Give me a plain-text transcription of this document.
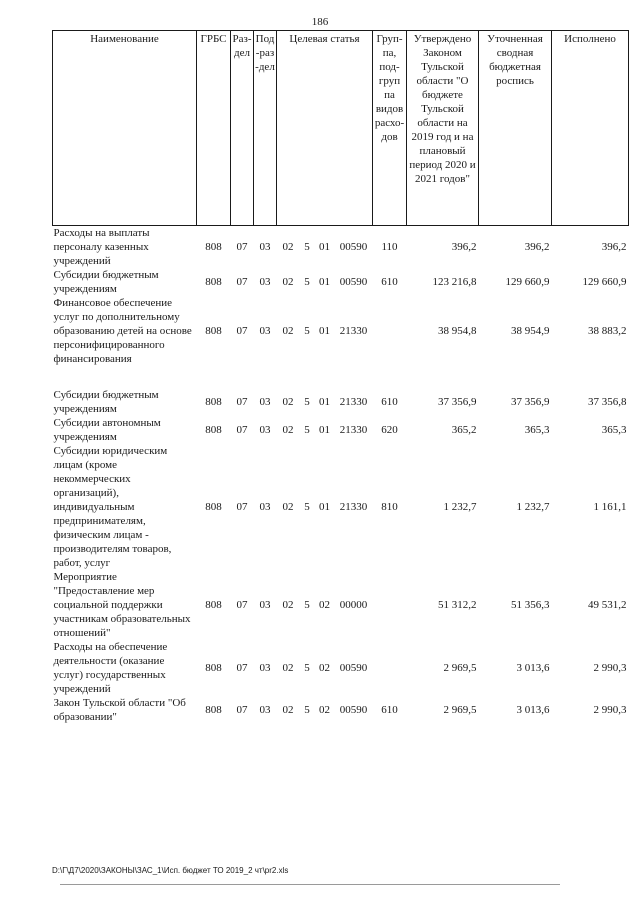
186
Наименование	ГРБС	Раз-дел	Под-раз-дел	Целевая статья				Груп-па, под-груп па видов расхо-дов	Утверждено Законом Тульской области "О бюджете Тульской области на 2019 год и на плановый период 2020 и 2021 годов"	Уточненная сводная бюджетная роспись	Исполнено
Расходы на выплаты персоналу казенных учреждений	808	07	03	02	5	01	00590	110	396,2	396,2	396,2
Субсидии бюджетным учреждениям	808	07	03	02	5	01	00590	610	123 216,8	129 660,9	129 660,9
Финансовое обеспечение услуг по дополнительному образованию детей на основе персонифицированного финансирования	808	07	03	02	5	01	21330		38 954,8	38 954,9	38 883,2
Субсидии бюджетным учреждениям	808	07	03	02	5	01	21330	610	37 356,9	37 356,9	37 356,8
Субсидии автономным учреждениям	808	07	03	02	5	01	21330	620	365,2	365,3	365,3
Субсидии юридическим лицам (кроме некоммерческих организаций), индивидуальным предпринимателям, физическим лицам - производителям товаров, работ, услуг	808	07	03	02	5	01	21330	810	1 232,7	1 232,7	1 161,1
Мероприятие "Предоставление мер социальной поддержки участникам образовательных отношений"	808	07	03	02	5	02	00000		51 312,2	51 356,3	49 531,2
Расходы на обеспечение деятельности (оказание услуг) государственных учреждений	808	07	03	02	5	02	00590		2 969,5	3 013,6	2 990,3
Закон Тульской области "Об образовании"	808	07	03	02	5	02	00590	610	2 969,5	3 013,6	2 990,3
D:\Г\Д7\2020\ЗАКОНЫ\ЗАС_1\Исп. бюджет ТО 2019_2 чт\pr2.xls
